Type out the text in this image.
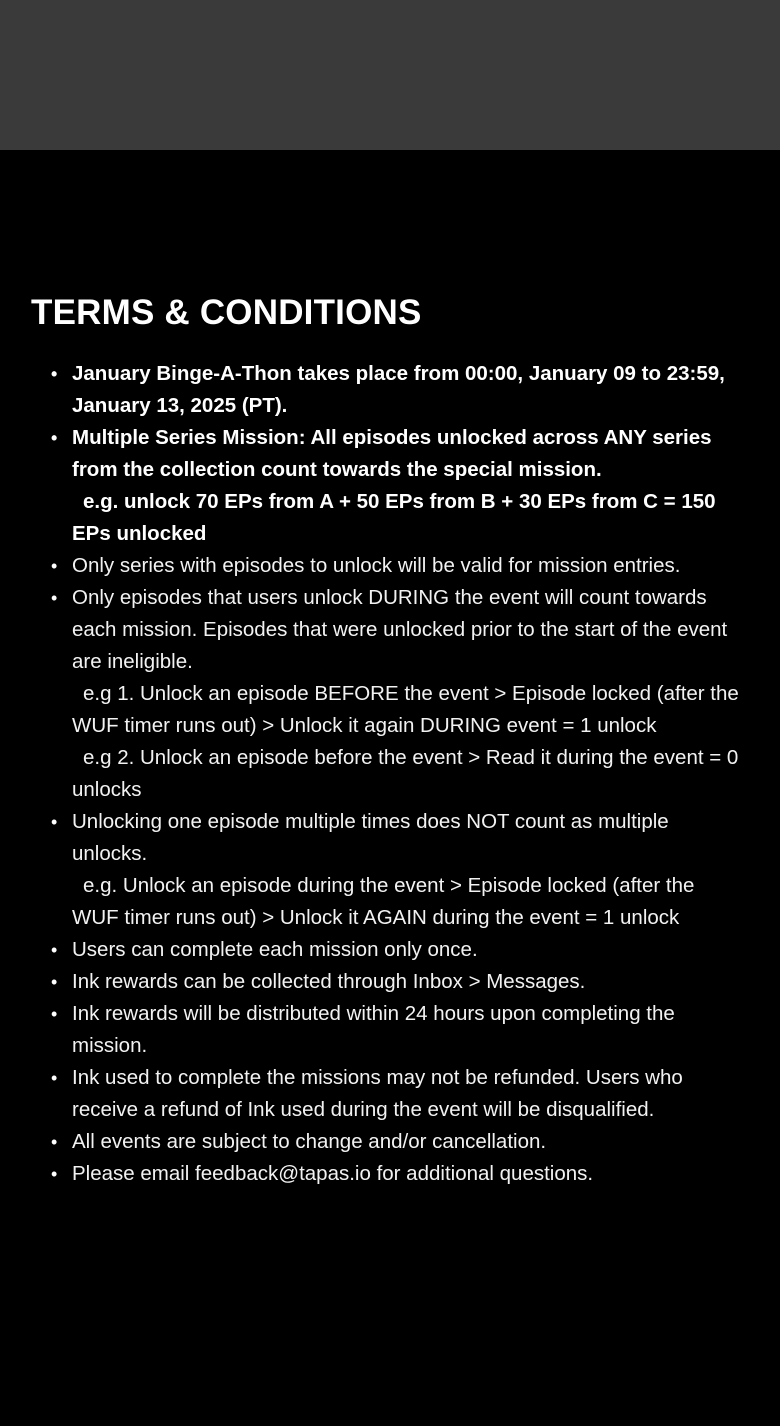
TERMS & CONDITIONS
• January Binge-A-Thon takes place from 00:00, January 09 to 23:59, January 13, 2025 (PT).
• Multiple Series Mission: All episodes unlocked across ANY series from the collection count towards the special mission.
e.g. unlock 70 EPs from A + 50 EPs from B + 30 EPs from C = 150 EPs unlocked
• Only series with episodes to unlock will be valid for mission entries.
• Only episodes that users unlock DURING the event will count towards each mission. Episodes that were unlocked prior to the start of the event are ineligible.
e.g 1. Unlock an episode BEFORE the event > Episode locked (after the WUF timer runs out) > Unlock it again DURING event = 1 unlock
e.g 2. Unlock an episode before the event > Read it during the event = 0 unlocks
• Unlocking one episode multiple times does NOT count as multiple unlocks.
e.g. Unlock an episode during the event > Episode locked (after the WUF timer runs out) > Unlock it AGAIN during the event = 1 unlock
• Users can complete each mission only once.
• Ink rewards can be collected through Inbox > Messages.
• Ink rewards will be distributed within 24 hours upon completing the mission.
• Ink used to complete the missions may not be refunded. Users who receive a refund of Ink used during the event will be disqualified.
• All events are subject to change and/or cancellation.
• Please email feedback@tapas.io for additional questions.
